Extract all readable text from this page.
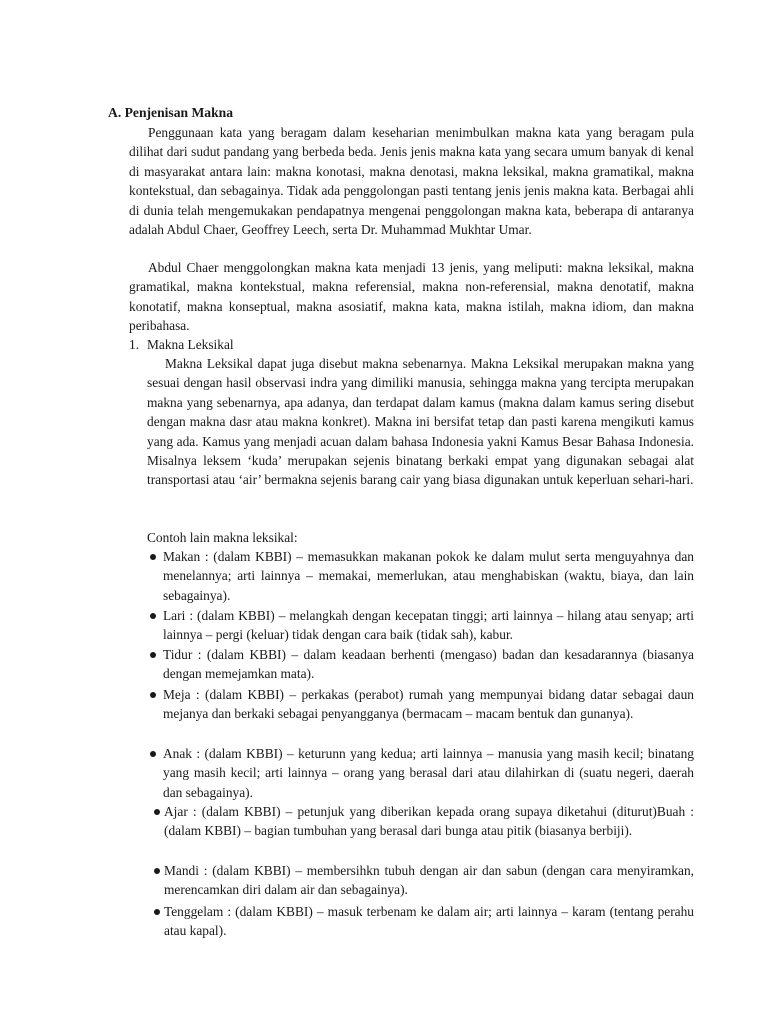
A. Penjenisan Makna

Penggunaan kata yang beragam dalam keseharian menimbulkan makna kata yang beragam pula dilihat dari sudut pandang yang berbeda beda. Jenis jenis makna kata yang secara umum banyak di kenal di masyarakat antara lain: makna konotasi, makna denotasi, makna leksikal, makna gramatikal, makna kontekstual, dan sebagainya. Tidak ada penggolongan pasti tentang jenis jenis makna kata. Berbagai ahli di dunia telah mengemukakan pendapatnya mengenai penggolongan makna kata, beberapa di antaranya adalah Abdul Chaer, Geoffrey Leech, serta Dr. Muhammad Mukhtar Umar.

Abdul Chaer menggolongkan makna kata menjadi 13 jenis, yang meliputi: makna leksikal, makna gramatikal, makna kontekstual, makna referensial, makna non-referensial, makna denotatif, makna konotatif, makna konseptual, makna asosiatif, makna kata, makna istilah, makna idiom, dan makna peribahasa.

1. Makna Leksikal

Makna Leksikal dapat juga disebut makna sebenarnya. Makna Leksikal merupakan makna yang sesuai dengan hasil observasi indra yang dimiliki manusia, sehingga makna yang tercipta merupakan makna yang sebenarnya, apa adanya, dan terdapat dalam kamus (makna dalam kamus sering disebut dengan makna dasr atau makna konkret). Makna ini bersifat tetap dan pasti karena mengikuti kamus yang ada. Kamus yang menjadi acuan dalam bahasa Indonesia yakni Kamus Besar Bahasa Indonesia. Misalnya leksem ‘kuda’ merupakan sejenis binatang berkaki empat yang digunakan sebagai alat transportasi atau ‘air’ bermakna sejenis barang cair yang biasa digunakan untuk keperluan sehari-hari.

Contoh lain makna leksikal:
Makan : (dalam KBBI) – memasukkan makanan pokok ke dalam mulut serta menguyahnya dan menelannya; arti lainnya – memakai, memerlukan, atau menghabiskan (waktu, biaya, dan lain sebagainya).
Lari : (dalam KBBI) – melangkah dengan kecepatan tinggi; arti lainnya – hilang atau senyap; arti lainnya – pergi (keluar) tidak dengan cara baik (tidak sah), kabur.
Tidur : (dalam KBBI) – dalam keadaan berhenti (mengaso) badan dan kesadarannya (biasanya dengan memejamkan mata).
Meja : (dalam KBBI) – perkakas (perabot) rumah yang mempunyai bidang datar sebagai daun mejanya dan berkaki sebagai penyangganya (bermacam – macam bentuk dan gunanya).
Anak : (dalam KBBI) – keturunn yang kedua; arti lainnya – manusia yang masih kecil; binatang yang masih kecil; arti lainnya – orang yang berasal dari atau dilahirkan di (suatu negeri, daerah dan sebagainya).
Ajar : (dalam KBBI) – petunjuk yang diberikan kepada orang supaya diketahui (diturut)Buah : (dalam KBBI) – bagian tumbuhan yang berasal dari bunga atau pitik (biasanya berbiji).
Mandi : (dalam KBBI) – membersihkn tubuh dengan air dan sabun (dengan cara menyiramkan, merencamkan diri dalam air dan sebagainya).
Tenggelam : (dalam KBBI) – masuk terbenam ke dalam air; arti lainnya – karam (tentang perahu atau kapal).
